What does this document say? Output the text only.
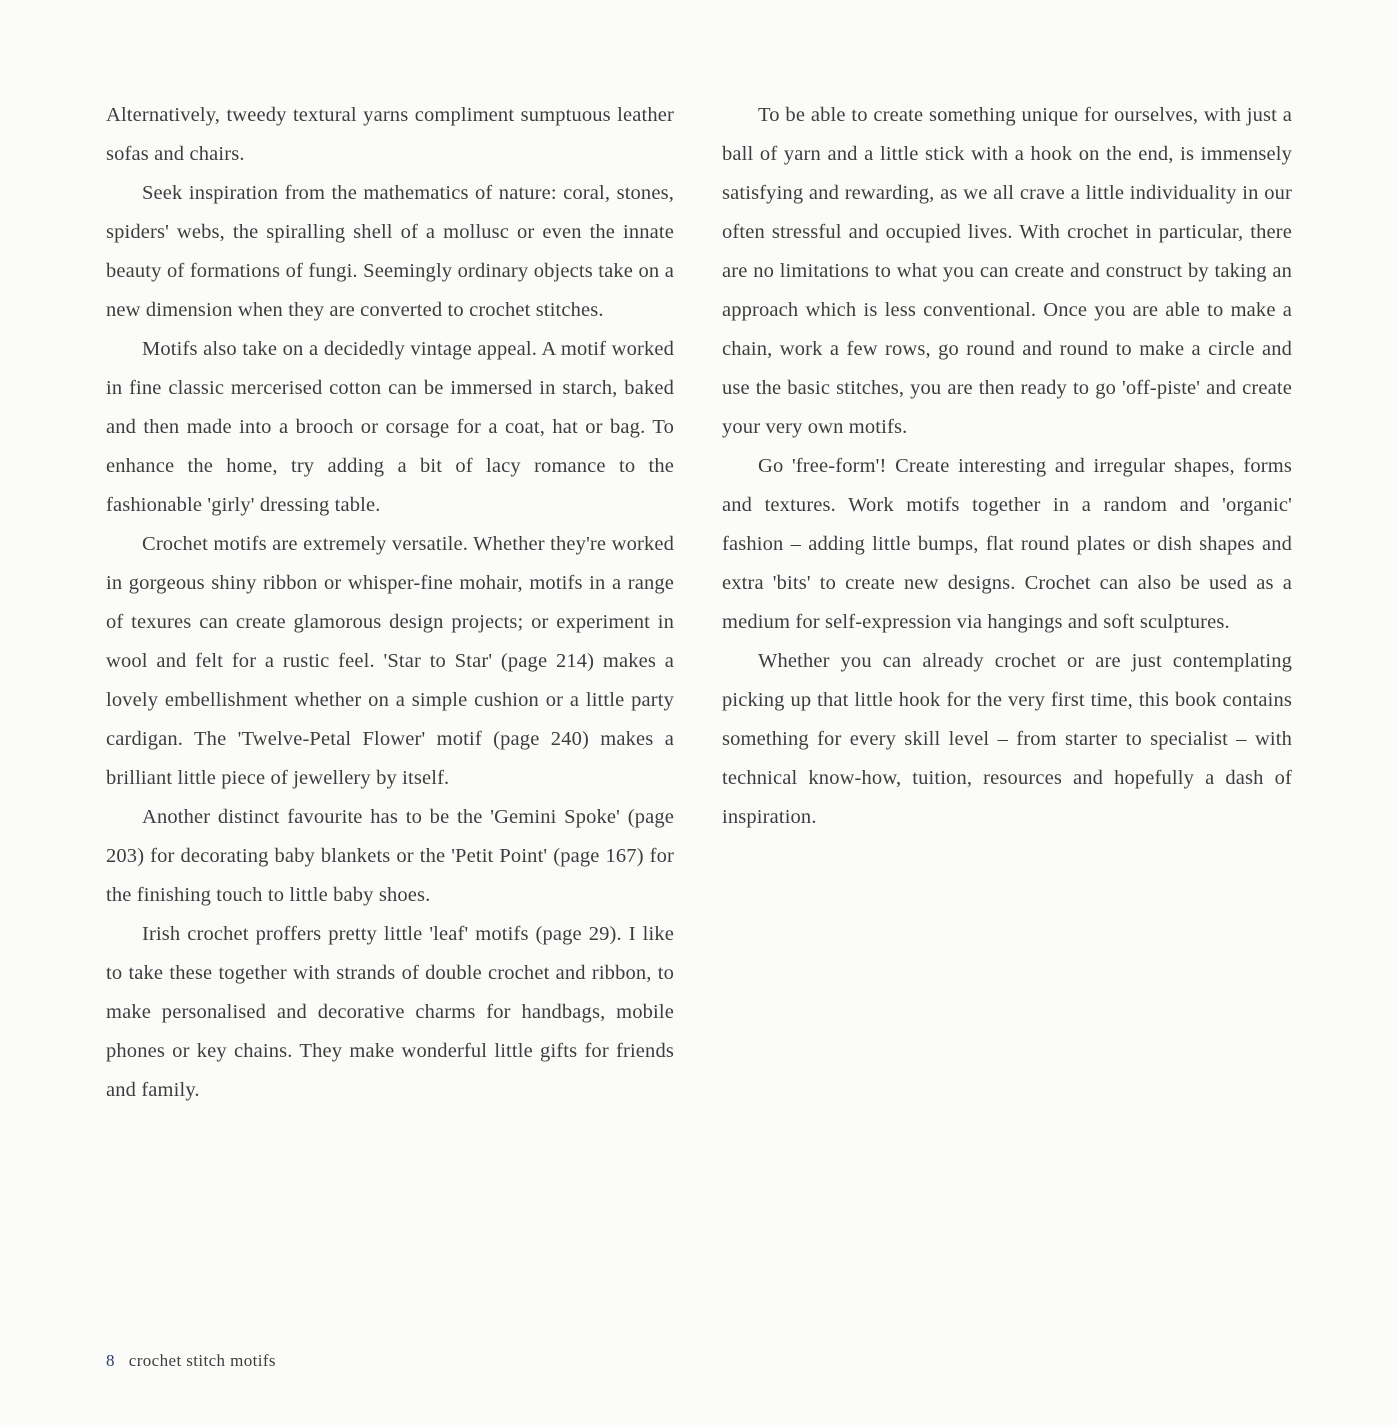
Alternatively, tweedy textural yarns compliment sumptuous leather sofas and chairs.

Seek inspiration from the mathematics of nature: coral, stones, spiders' webs, the spiralling shell of a mollusc or even the innate beauty of formations of fungi. Seemingly ordinary objects take on a new dimension when they are converted to crochet stitches.

Motifs also take on a decidedly vintage appeal. A motif worked in fine classic mercerised cotton can be immersed in starch, baked and then made into a brooch or corsage for a coat, hat or bag. To enhance the home, try adding a bit of lacy romance to the fashionable 'girly' dressing table.

Crochet motifs are extremely versatile. Whether they're worked in gorgeous shiny ribbon or whisper-fine mohair, motifs in a range of texures can create glamorous design projects; or experiment in wool and felt for a rustic feel. 'Star to Star' (page 214) makes a lovely embellishment whether on a simple cushion or a little party cardigan. The 'Twelve-Petal Flower' motif (page 240) makes a brilliant little piece of jewellery by itself.

Another distinct favourite has to be the 'Gemini Spoke' (page 203) for decorating baby blankets or the 'Petit Point' (page 167) for the finishing touch to little baby shoes.

Irish crochet proffers pretty little 'leaf' motifs (page 29). I like to take these together with strands of double crochet and ribbon, to make personalised and decorative charms for handbags, mobile phones or key chains. They make wonderful little gifts for friends and family.

To be able to create something unique for ourselves, with just a ball of yarn and a little stick with a hook on the end, is immensely satisfying and rewarding, as we all crave a little individuality in our often stressful and occupied lives. With crochet in particular, there are no limitations to what you can create and construct by taking an approach which is less conventional. Once you are able to make a chain, work a few rows, go round and round to make a circle and use the basic stitches, you are then ready to go 'off-piste' and create your very own motifs.

Go 'free-form'! Create interesting and irregular shapes, forms and textures. Work motifs together in a random and 'organic' fashion – adding little bumps, flat round plates or dish shapes and extra 'bits' to create new designs. Crochet can also be used as a medium for self-expression via hangings and soft sculptures.

Whether you can already crochet or are just contemplating picking up that little hook for the very first time, this book contains something for every skill level – from starter to specialist – with technical know-how, tuition, resources and hopefully a dash of inspiration.

8 crochet stitch motifs
